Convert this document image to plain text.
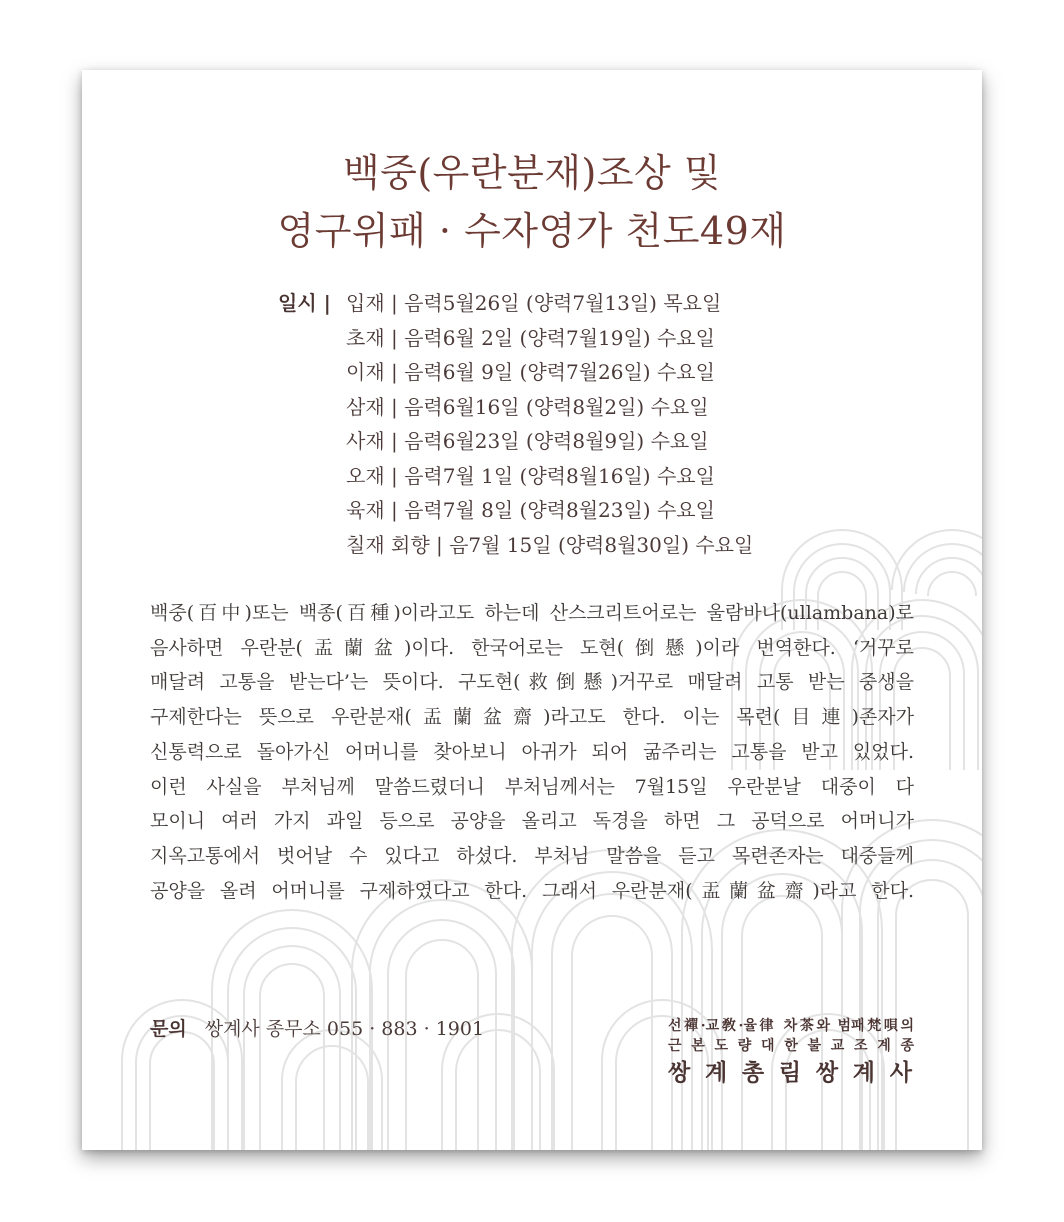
백중(우란분재)조상 및
영구위패 · 수자영가 천도49재
일시 | 입재 | 음력5월26일 (양력7월13일) 목요일
초재 | 음력6월 2일 (양력7월19일) 수요일
이재 | 음력6월 9일 (양력7월26일) 수요일
삼재 | 음력6월16일 (양력8월2일) 수요일
사재 | 음력6월23일 (양력8월9일) 수요일
오재 | 음력7월 1일 (양력8월16일) 수요일
육재 | 음력7월 8일 (양력8월23일) 수요일
칠재 회향 | 음7월 15일 (양력8월30일) 수요일
백중(百中)또는 백종(百種)이라고도 하는데 산스크리트어로는 울람바나(ullambana)로
음사하면 우란분(盂蘭盆)이다. 한국어로는 도현(倒懸)이라 번역한다. ‘거꾸로
매달려 고통을 받는다’는 뜻이다. 구도현(救倒懸)거꾸로 매달려 고통 받는 중생을
구제한다는 뜻으로 우란분재(盂蘭盆齋)라고도 한다. 이는 목련(目連)존자가
신통력으로 돌아가신 어머니를 찾아보니 아귀가 되어 굶주리는 고통을 받고 있었다.
이런 사실을 부처님께 말씀드렸더니 부처님께서는 7월15일 우란분날 대중이 다
모이니 여러 가지 과일 등으로 공양을 올리고 독경을 하면 그 공덕으로 어머니가
지옥고통에서 벗어날 수 있다고 하셨다. 부처님 말씀을 듣고 목련존자는 대중들께
공양을 올려 어머니를 구제하였다고 한다. 그래서 우란분재(盂蘭盆齋)라고 한다.
문의 쌍계사 종무소 055 · 883 · 1901	선禪·교敎·율律 차茶와 범패梵唄의
근 본 도 량 대 한 불 교 조 계 종
쌍 계 총 림 쌍 계 사
